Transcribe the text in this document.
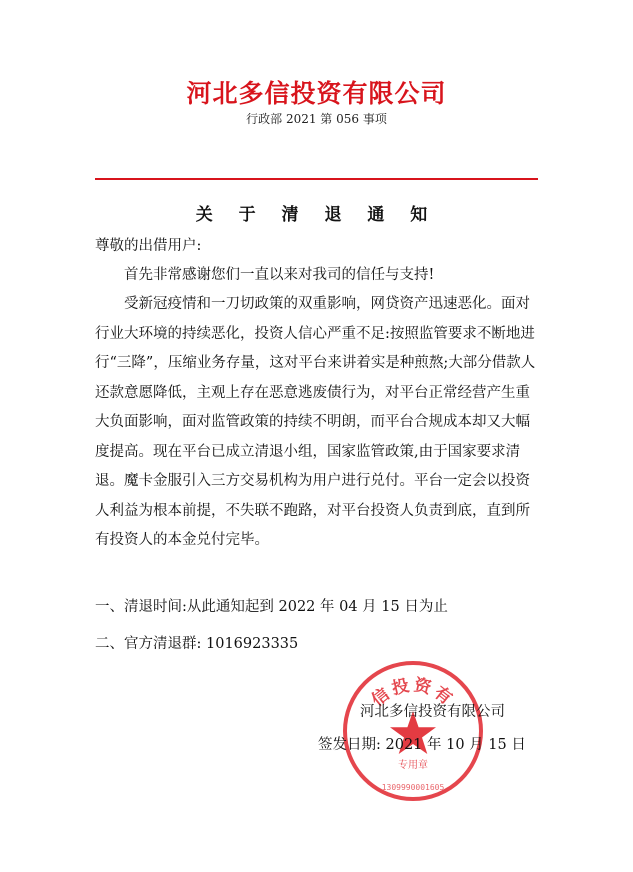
河北多信投资有限公司
行政部 2021 第 056 事项
关 于 清 退 通 知
尊敬的出借用户:
首先非常感谢您们一直以来对我司的信任与支持!
受新冠疫情和一刀切政策的双重影响，网贷资产迅速恶化。面对行业大环境的持续恶化，投资人信心严重不足:按照监管要求不断地进行“三降”，压缩业务存量，这对平台来讲着实是种煎熬;大部分借款人还款意愿降低，主观上存在恶意逃废债行为，对平台正常经营产生重大负面影响，面对监管政策的持续不明朗，而平台合规成本却又大幅度提高。现在平台已成立清退小组，国家监管政策,由于国家要求清退。魔卡金服引入三方交易机构为用户进行兑付。平台一定会以投资人利益为根本前提，不失联不跑路，对平台投资人负责到底，直到所有投资人的本金兑付完毕。
一、清退时间:从此通知起到 2022 年 04 月 15 日为止
二、官方清退群: 1016923335
信投资有
专用章
1309990001605
河北多信投资有限公司
签发日期: 2021 年 10 月 15 日
